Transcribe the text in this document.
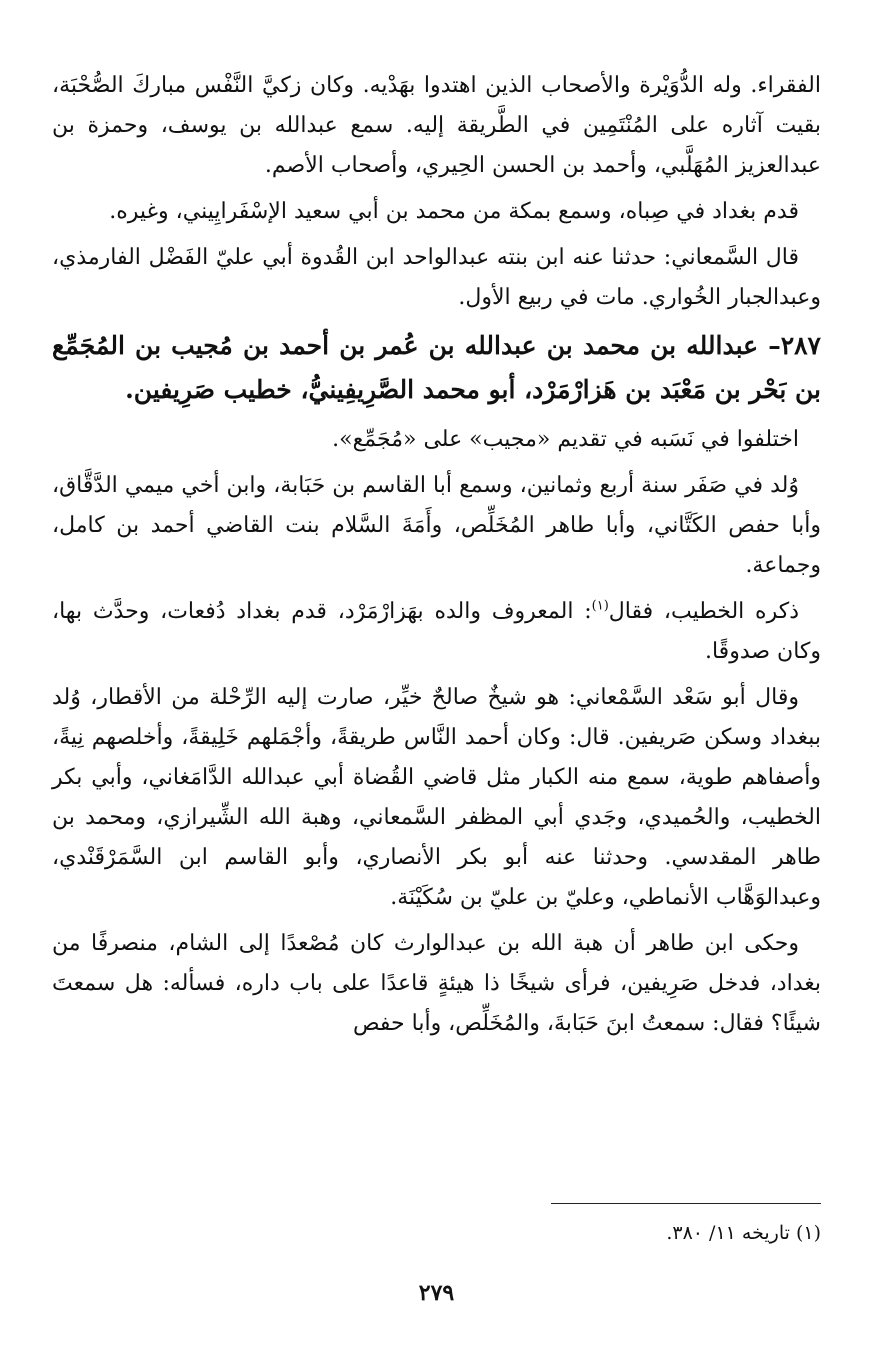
الفقراء. وله الدُّوَيْرة والأصحاب الذين اهتدوا بهَدْيه. وكان زكيَّ النَّفْس مباركَ الصُّحْبَة، بقيت آثاره على المُنْتَمِين في الطَّريقة إليه. سمع عبدالله بن يوسف، وحمزة بن عبدالعزيز المُهَلَّبي، وأحمد بن الحسن الحِيري، وأصحاب الأصم.

قدم بغداد في صِباه، وسمع بمكة من محمد بن أبي سعيد الإسْفَرايِيني، وغيره.

قال السَّمعاني: حدثنا عنه ابن بنته عبدالواحد ابن القُدوة أبي عليّ الفَضْل الفارمذي، وعبدالجبار الخُواري. مات في ربيع الأول.

٢٨٧– عبدالله بن محمد بن عبدالله بن عُمر بن أحمد بن مُجيب بن المُجَمِّع بن بَحْر بن مَعْبَد بن هَزارْمَرْد، أبو محمد الصَّرِيفِينيُّ، خطيب صَرِيفين.

اختلفوا في نَسَبه في تقديم «مجيب» على «مُجَمِّع».

وُلد في صَفَر سنة أربع وثمانين، وسمع أبا القاسم بن حَبَابة، وابن أخي ميمي الدَّقَّاق، وأبا حفص الكَتَّاني، وأبا طاهر المُخَلِّص، وأَمَةَ السَّلام بنت القاضي أحمد بن كامل، وجماعة.

ذكره الخطيب، فقال$^{(١)}$: المعروف والده بهَزارْمَرْد، قدم بغداد دُفعات، وحدَّث بها، وكان صدوقًا.

وقال أبو سَعْد السَّمْعاني: هو شيخٌ صالحٌ خيِّر، صارت إليه الرِّحْلة من الأقطار، وُلد ببغداد وسكن صَريفين. قال: وكان أحمد النَّاس طريقةً، وأجْمَلهم خَلِيقةً، وأخلصهم نِيةً، وأصفاهم طوية، سمع منه الكبار مثل قاضي القُضاة أبي عبدالله الدَّامَغاني، وأبي بكر الخطيب، والحُميدي، وجَدي أبي المظفر السَّمعاني، وهبة الله الشِّيرازي، ومحمد بن طاهر المقدسي. وحدثنا عنه أبو بكر الأنصاري، وأبو القاسم ابن السَّمَرْقَنْدي، وعبدالوَهَّاب الأنماطي، وعليّ بن عليّ بن سُكَيْنَة.

وحكى ابن طاهر أن هبة الله بن عبدالوارث كان مُصْعدًا إلى الشام، منصرفًا من بغداد، فدخل صَرِيفين، فرأى شيخًا ذا هيئةٍ قاعدًا على باب داره، فسأله: هل سمعتَ شيئًا؟ فقال: سمعتُ ابنَ حَبَابةَ، والمُخَلِّص، وأبا حفص

(١) تاريخه ١١/ ٣٨٠.
٢٧٩
